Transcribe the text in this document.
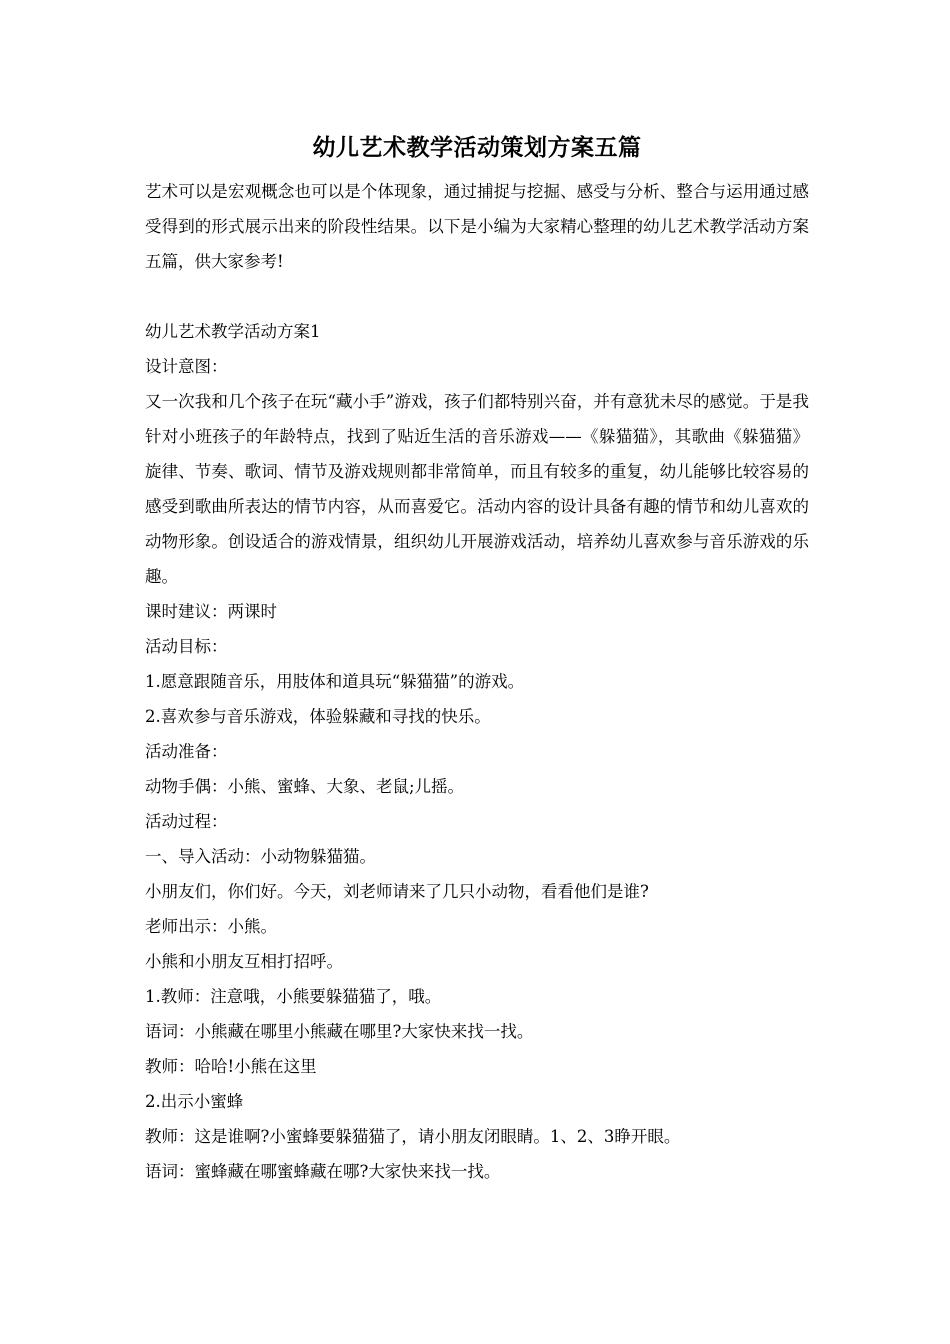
幼儿艺术教学活动策划方案五篇

艺术可以是宏观概念也可以是个体现象，通过捕捉与挖掘、感受与分析、整合与运用通过感受得到的形式展示出来的阶段性结果。以下是小编为大家精心整理的幼儿艺术教学活动方案五篇，供大家参考!

幼儿艺术教学活动方案1

设计意图：

又一次我和几个孩子在玩“藏小手”游戏，孩子们都特别兴奋，并有意犹未尽的感觉。于是我针对小班孩子的年龄特点，找到了贴近生活的音乐游戏——《躲猫猫》，其歌曲《躲猫猫》旋律、节奏、歌词、情节及游戏规则都非常简单，而且有较多的重复，幼儿能够比较容易的感受到歌曲所表达的情节内容，从而喜爱它。活动内容的设计具备有趣的情节和幼儿喜欢的动物形象。创设适合的游戏情景，组织幼儿开展游戏活动，培养幼儿喜欢参与音乐游戏的乐趣。

课时建议：两课时

活动目标：

1.愿意跟随音乐，用肢体和道具玩“躲猫猫”的游戏。

2.喜欢参与音乐游戏，体验躲藏和寻找的快乐。

活动准备：

动物手偶：小熊、蜜蜂、大象、老鼠;儿摇。

活动过程：

一、导入活动：小动物躲猫猫。

小朋友们，你们好。今天，刘老师请来了几只小动物，看看他们是谁?

老师出示：小熊。

小熊和小朋友互相打招呼。

1.教师：注意哦，小熊要躲猫猫了，哦。

语词：小熊藏在哪里小熊藏在哪里?大家快来找一找。

教师：哈哈!小熊在这里

2.出示小蜜蜂

教师：这是谁啊?小蜜蜂要躲猫猫了，请小朋友闭眼睛。1、2、3睁开眼。

语词：蜜蜂藏在哪蜜蜂藏在哪?大家快来找一找。
